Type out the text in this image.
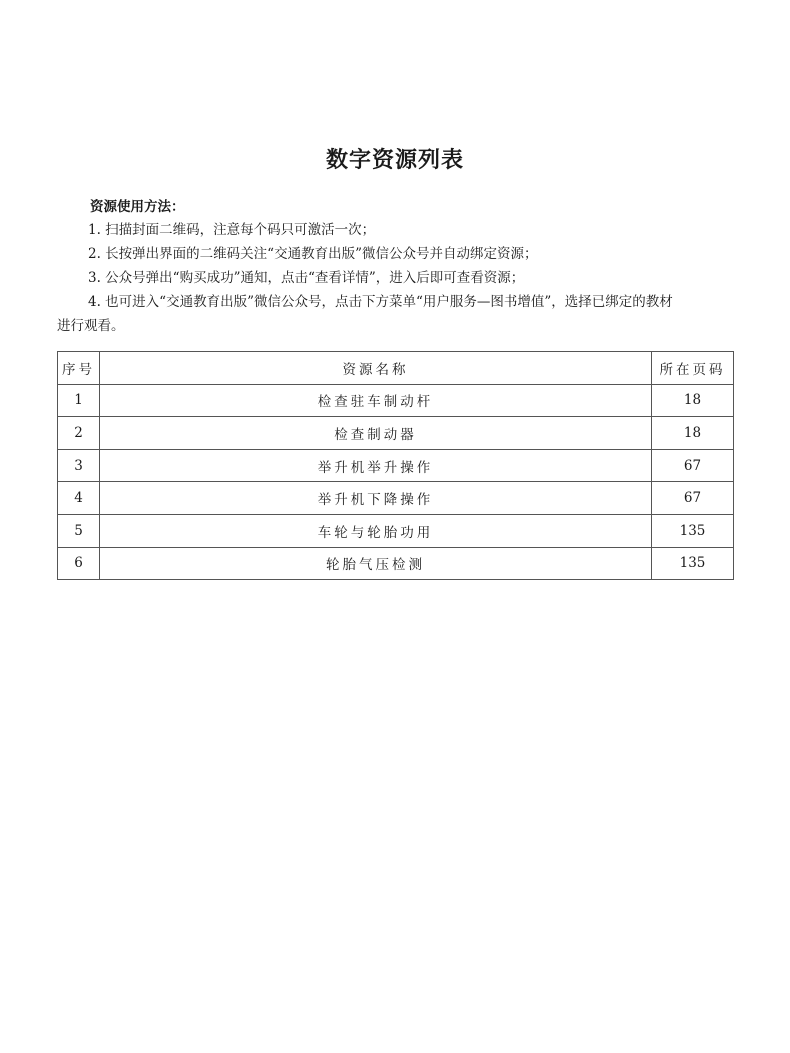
数字资源列表
资源使用方法：
1. 扫描封面二维码，注意每个码只可激活一次；
2. 长按弹出界面的二维码关注“交通教育出版”微信公众号并自动绑定资源；
3. 公众号弹出“购买成功”通知，点击“查看详情”，进入后即可查看资源；
4. 也可进入“交通教育出版”微信公众号，点击下方菜单“用户服务—图书增值”，选择已绑定的教材
进行观看。
序号	资源名称	所在页码
1	检查驻车制动杆	18
2	检查制动器	18
3	举升机举升操作	67
4	举升机下降操作	67
5	车轮与轮胎功用	135
6	轮胎气压检测	135
